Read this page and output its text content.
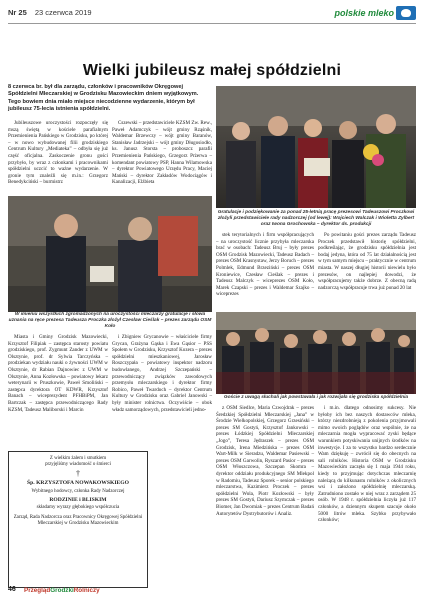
Nr 25 23 czerwca 2019	polskie mleko
Wielki jubileusz małej spółdzielni
8 czerwca br. był dla zarządu, członków i pracowników Okręgowej Spółdzielni Mleczarskiej w Grodzisku Mazowieckim dniem wyjątkowym. Tego bowiem dnia miało miejsce niecodzienne wydarzenie, którym był jubileusz 75-lecia istnienia spółdzielni.
Gratulacje i podziękowanie za ponad 25-letnią pracę prezesowi Tadeuszowi Proczkowi złożyli przedstawiciele rady nadzorczej (od lewej): Wojciech Walczak i Wioletta Zylbert oraz Iwona Grochowska – dyrektor ds. produkcji

Jubileuszowe uroczystości rozpoczęły się mszą świętą w kościele parafialnym Przemienienia Pańskiego w Grodzisku, po której – w nowo wybudowanej filii grodziskiego Centrum Kultury „Mediateka” – odbyła się już część oficjalna. Zaskoczenie gronu gości przybyło, by wraz z członkami i pracownikami spółdzielni uczcić to ważne wydarzenie. W gronie tym znaleźli się m.in.: Grzegorz Benedykciński – burmistrz

Cszewski – przedstawiciele KZSM Zw. Rew., Paweł Adamczyk – wójt gminy Rząśnik, Waldemar Brzewczy – wójt gminy Baranów, Stanisław Jadrzejski – wójt gminy Długosiodło, ks. Janusz Storsta – proboszcz parafii Przemienienia Pańskiego, Grzegorz Prżerwa – komendant powiatowy PSP, Hanna Wilamowska – dyrektor Powiatowego Urzędu Pracy, Maciej Mański – dyrektor Zakładów Wodociągów i Kanalizacji, Elżbieta

W imieniu wszystkich zgromadzonych na uroczystości mleczarzy gratulacje i słowa uznania na ręce prezesa Tadeusza Proczka złożył Czesław Cieślak – prezes zarządu OSM Koło

stek terytorialnych i firm współpracujących – na uroczystość licznie przybyła mleczarska brać w osobach: Tadeusz Bruj – były prezes OSM Grodzisk Mazowiecki, Tadeusz Badach – prezes OSM Krasnystaw, Jerzy Boruch – prezes Polmlek, Edmund Brzeziński – prezes OSM Kroniewice, Czesław Cieślak – prezes i Tadeusz Malczyk – wiceprezes OSM Koło, Marek Czapski – prezes i Waldemar Szajko – wiceprezes

Po powitaniu gości prezes zarządu Tadeusz Proczek przedstawił historię spółdzielni, podkreślając, że grodzisku spółdzielnia jest bodaj jedyna, która od 75 lat działalnością jest w tym samym miejscu – praktycznie w centrum miasta. W naszej długiej historii niewielu było prezesów, on najlepiej dowodzi, że współpracujemy także dobrze. Z obecną radą nadzorczą współpracuje trwa już ponad 20 lat

Miasta i Gminy Grodzisk Mazowiecki, Krzysztof Filipiak – zastępca starosty powiatu grodziskiego, prof. Zygmunt Zander z UWM w Olsztynie, prof. dr Sylwia Tarczyńska – prodziekan wydziału nauki o żywności UWM w Olsztynie, dr Rabian Dajnowiec z UWM w Olsztynie, Anna Kozłowska – powiatowy lekarz weterynarii w Pruszkowie, Paweł Smoliński – zastępca dyrektora OT KDWR, Krzysztof Banach – wiceprezydent PFHBiPM, Jan Bartczak – zastępca przewodniczącego Rady KZSM, Tadeusz Maliborski i Marcin

i Zbigniew Grycanowie – właściciele firmy Grycan, Grażyna Gąska i Ewa Gąsior – PSS Społem w Grodzisku, Krzysztof Kozera – prezes spółdzielni mieszkaniowej, Jarosław Roszczypała – powiatowy inspektor nadzoru budowlanego, Andrzej Szczepański – przewodniczący związków zawodowych przemysłu mleczarskiego i dyrektor firmy Robico, Paweł Twardoch – dyrektor Centrum Kultury w Grodzisku oraz Gabriel Janowski – były minister rolnictwa. Oczywiście – obok władz samorządowych, przedstawicieli jedno-

Goście z uwagą słuchali jak powstawała i jak rozwijała się grodziska spółdzielnia

z OSM Siedlce, Maria Czwojdrak – prezes Średzkiej Spółdzielni Mleczarskiej „Jana” w Środzie Wielkopolskiej, Grzegorz Grzesiński – prezes SM Gostyń, Krzysztof Jankowski – prezes Łódzkiej Spółdzielni Mleczarskiej „Jogo”, Teresa Jędraszek – prezes OSM Grodzisk, Irena Miedzińska – prezes OSM Wart-Milk w Sieradzu, Waldemar Pasiewski – prezes OSM Garwolin, Ryszard Pasior – prezes OSM Włoszczowa, Szczepan Skomra – dyrektor oddziału produkcyjnego SM Mlekpol w Radomiu, Tadeusz Sporek – senior polskiego mleczarstwa, Kazimierz Proczek – prezes spółdzielni Wola, Piotr Kozłowski – były prezes SM Gostyń, Dariusz Szymczak – prezes Biomer, Jan Dworniak – prezes Centrum Badań Autorytetów Dystrybutorów i Analiz.

i m.in. dlatego odnosimy sukcesy. Nie byłoby ich bez naszych dostawców mleka, którzy niezdrobnieją z pokolenia przyjmowali mimo swoich poglądów oraz wspólnie, że na mleczarnia mogła wypracować zyski będące warunkiem potyskiwania unijnych środków na inwestycje. I za to wszystko bardzo serdecznie Wam dziękuję – zwrócił się do obecnych na sali rolników. Historia OSM w Grodzisku Mazowieckim zaczęła się 1 maja 1944 roku, kiedy to przyjmując dotychczas mleczarnię należącą do kilkunastu rolników z okolicznych wsi i założono spółdzielnię mleczarską. Zatrudniono zostało w niej wraz z zarządem 25 osób. W 1948 r. spółdzielnia liczyła już 117 członków, a dziennym skupem szacuje około 5000 litrów mleka. Szybko przybywało członków;

Z wielkim żalem i smutkiem
przyjęliśmy wiadomość o śmierci
†
Śp. KRZYSZTOFA NOWAKOWSKIEGO
Wybitnego hodowcy, członka Rady Nadzorczej
RODZINIE i BLISKIM
składamy wyrazy głębokiego współczucia
Zarząd, Rada Nadzorcza oraz Pracownicy Okręgowej Spółdzielni Mleczarskiej w Grodzisku Mazowieckim
46 PrzeglądGrodzkiRolniczy
